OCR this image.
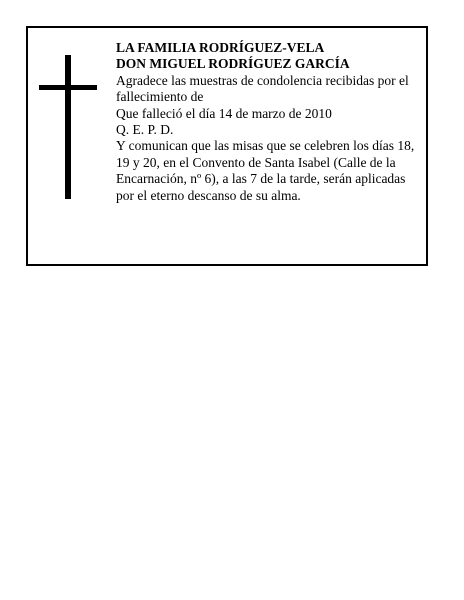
LA FAMILIA RODRÍGUEZ-VELA

DON MIGUEL RODRÍGUEZ GARCÍA

Agradece las muestras de condolencia recibidas por el fallecimiento de

Que falleció el día 14 de marzo de 2010

Q. E. P. D.

Y comunican que las misas que se celebren los días 18, 19 y 20, en el Convento de Santa Isabel (Calle de la Encarnación, nº 6), a las 7 de la tarde, serán aplicadas por el eterno descanso de su alma.
